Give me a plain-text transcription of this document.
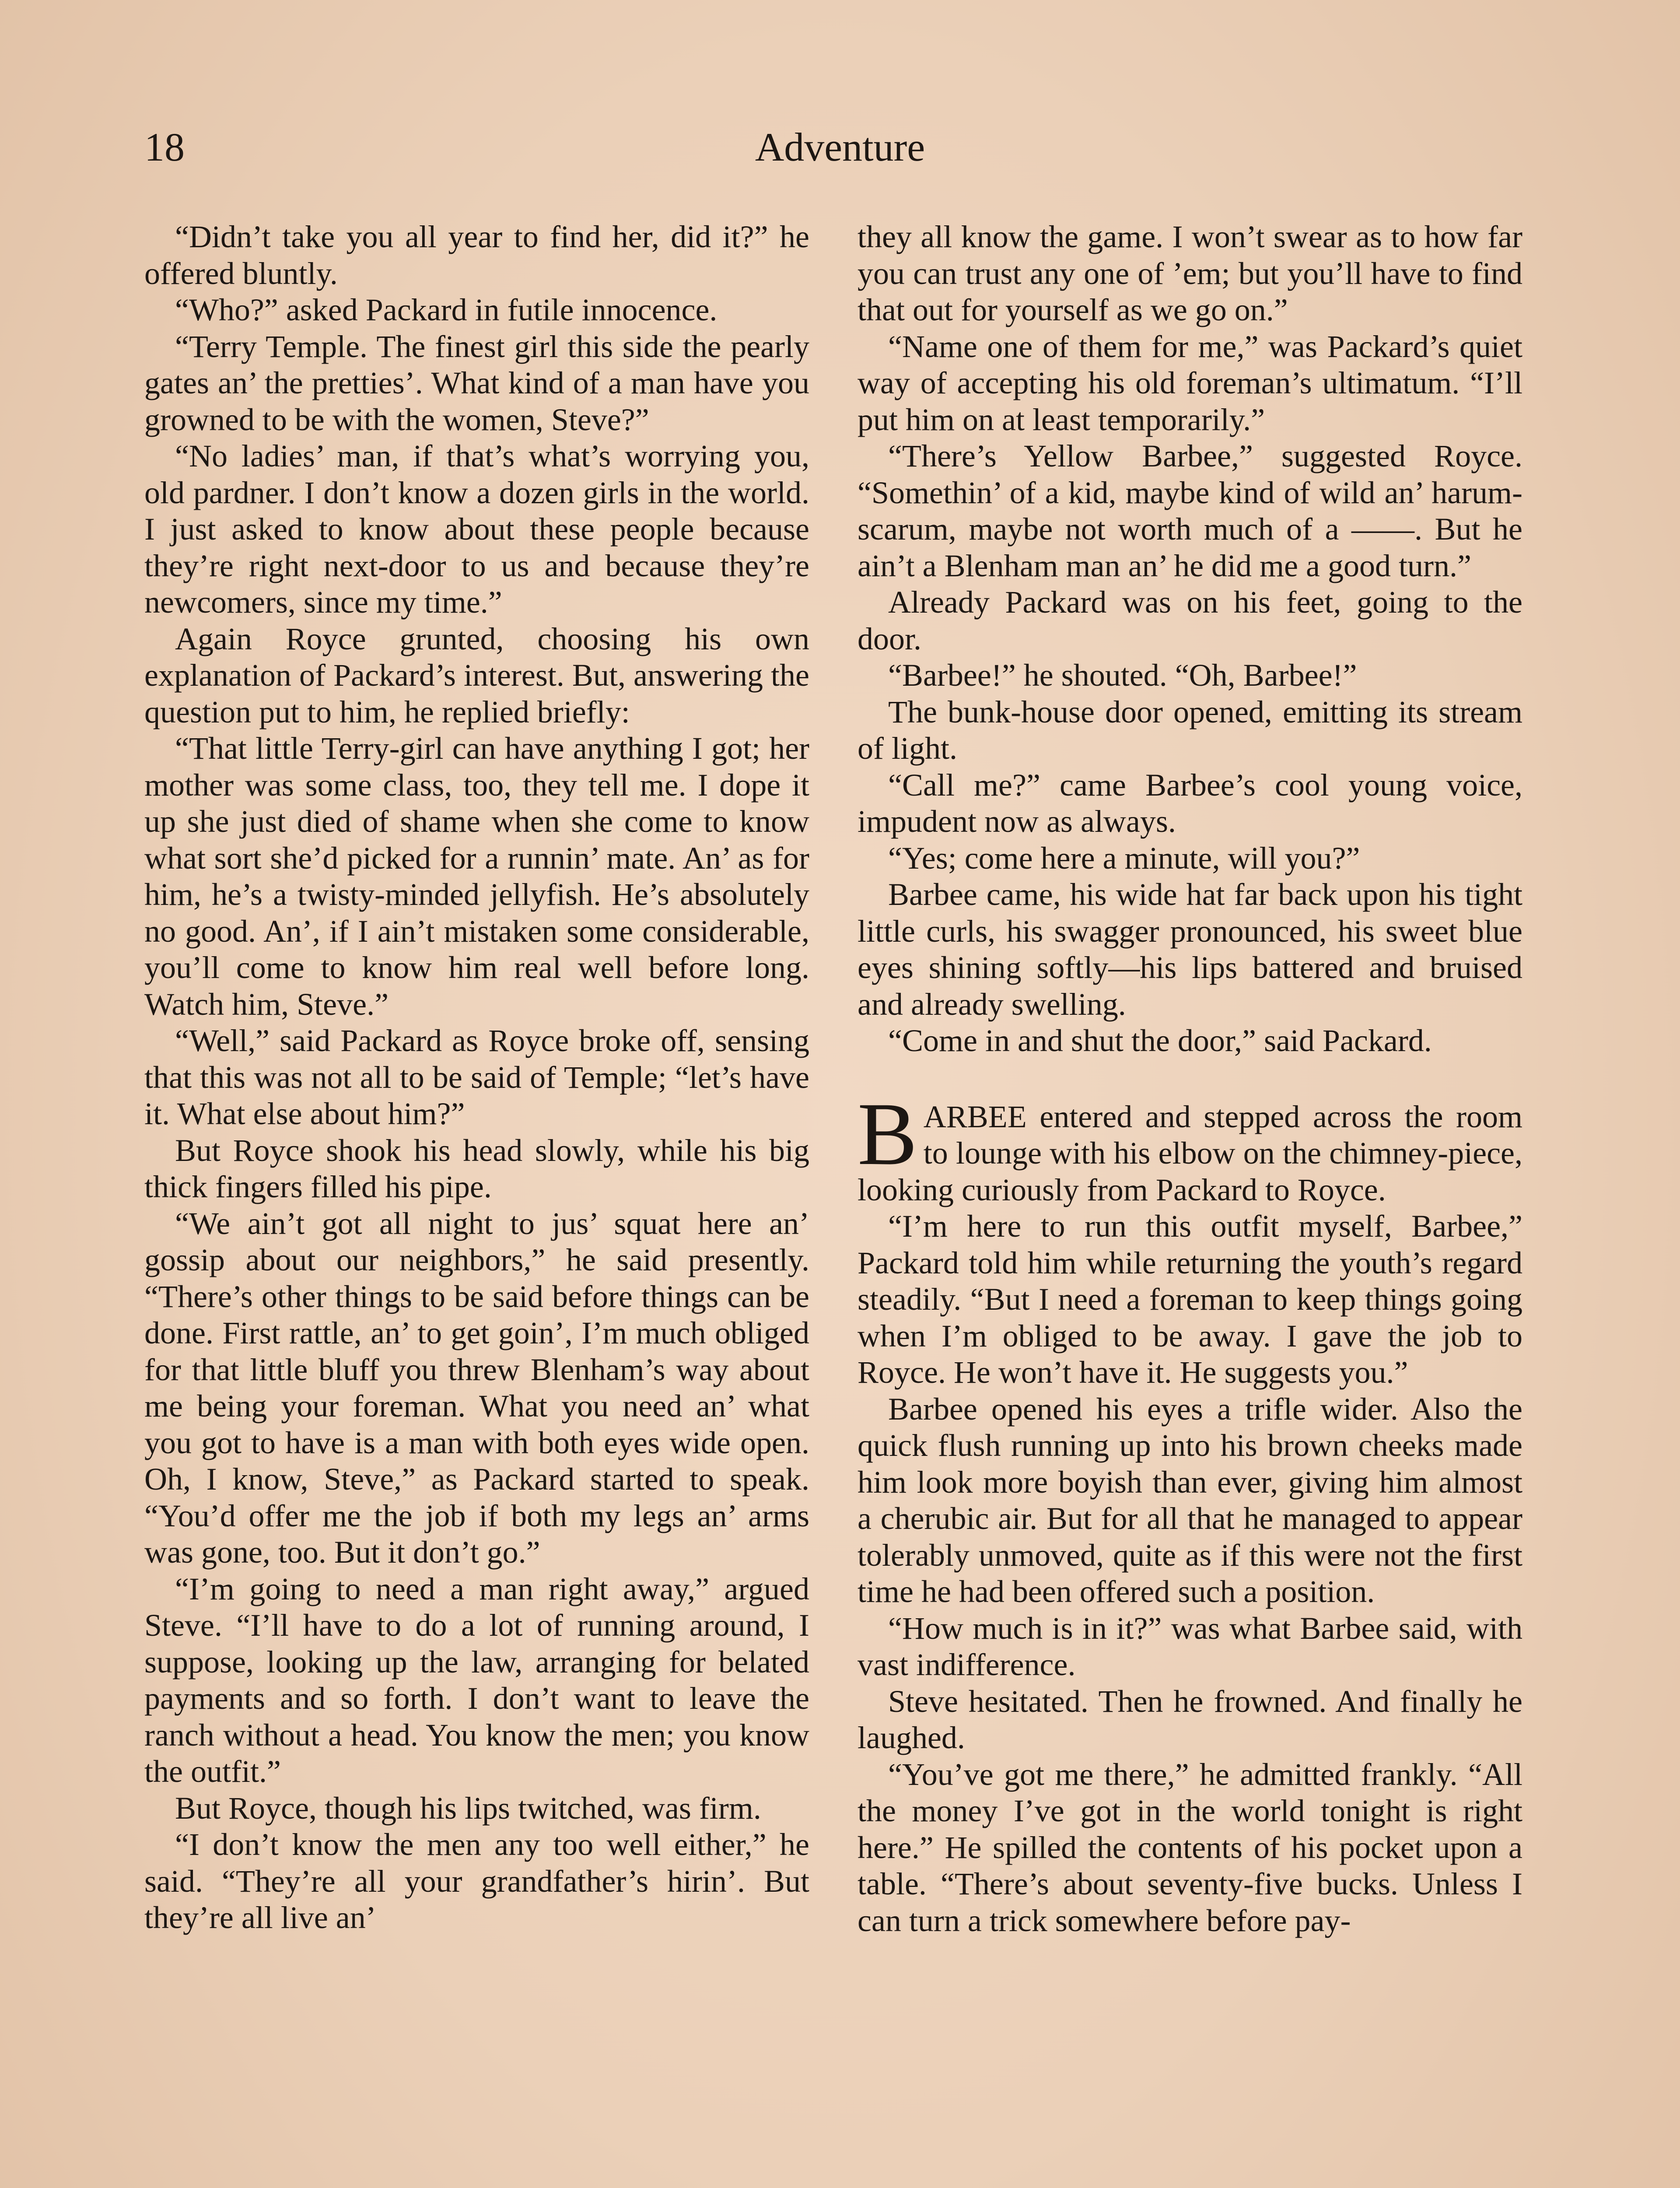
18	Adventure

“Didn’t take you all year to find her, did it?” he offered bluntly.

“Who?” asked Packard in futile innocence.

“Terry Temple. The finest girl this side the pearly gates an’ the pretties’. What kind of a man have you growned to be with the women, Steve?”

“No ladies’ man, if that’s what’s worrying you, old pardner. I don’t know a dozen girls in the world. I just asked to know about these people because they’re right next-door to us and because they’re newcomers, since my time.”

Again Royce grunted, choosing his own explanation of Packard’s interest. But, answering the question put to him, he replied briefly:

“That little Terry-girl can have anything I got; her mother was some class, too, they tell me. I dope it up she just died of shame when she come to know what sort she’d picked for a runnin’ mate. An’ as for him, he’s a twisty-minded jellyfish. He’s absolutely no good. An’, if I ain’t mistaken some considerable, you’ll come to know him real well before long. Watch him, Steve.”

“Well,” said Packard as Royce broke off, sensing that this was not all to be said of Temple; “let’s have it. What else about him?”

But Royce shook his head slowly, while his big thick fingers filled his pipe.

“We ain’t got all night to jus’ squat here an’ gossip about our neighbors,” he said presently. “There’s other things to be said before things can be done. First rattle, an’ to get goin’, I’m much obliged for that little bluff you threw Blenham’s way about me being your foreman. What you need an’ what you got to have is a man with both eyes wide open. Oh, I know, Steve,” as Packard started to speak. “You’d offer me the job if both my legs an’ arms was gone, too. But it don’t go.”

“I’m going to need a man right away,” argued Steve. “I’ll have to do a lot of running around, I suppose, looking up the law, arranging for belated payments and so forth. I don’t want to leave the ranch without a head. You know the men; you know the outfit.”

But Royce, though his lips twitched, was firm.

“I don’t know the men any too well either,” he said. “They’re all your grandfather’s hirin’. But they’re all live an’

they all know the game. I won’t swear as to how far you can trust any one of ’em; but you’ll have to find that out for yourself as we go on.”

“Name one of them for me,” was Packard’s quiet way of accepting his old foreman’s ultimatum. “I’ll put him on at least temporarily.”

“There’s Yellow Barbee,” suggested Royce. “Somethin’ of a kid, maybe kind of wild an’ harum-scarum, maybe not worth much of a ——. But he ain’t a Blenham man an’ he did me a good turn.”

Already Packard was on his feet, going to the door.

“Barbee!” he shouted. “Oh, Barbee!”

The bunk-house door opened, emitting its stream of light.

“Call me?” came Barbee’s cool young voice, impudent now as always.

“Yes; come here a minute, will you?”

Barbee came, his wide hat far back upon his tight little curls, his swagger pronounced, his sweet blue eyes shining softly—his lips battered and bruised and already swelling.

“Come in and shut the door,” said Packard.

BARBEE entered and stepped across the room to lounge with his elbow on the chimney-piece, looking curiously from Packard to Royce.

“I’m here to run this outfit myself, Barbee,” Packard told him while returning the youth’s regard steadily. “But I need a foreman to keep things going when I’m obliged to be away. I gave the job to Royce. He won’t have it. He suggests you.”

Barbee opened his eyes a trifle wider. Also the quick flush running up into his brown cheeks made him look more boyish than ever, giving him almost a cherubic air. But for all that he managed to appear tolerably unmoved, quite as if this were not the first time he had been offered such a position.

“How much is in it?” was what Barbee said, with vast indifference.

Steve hesitated. Then he frowned. And finally he laughed.

“You’ve got me there,” he admitted frankly. “All the money I’ve got in the world tonight is right here.” He spilled the contents of his pocket upon a table. “There’s about seventy-five bucks. Unless I can turn a trick somewhere before pay-
